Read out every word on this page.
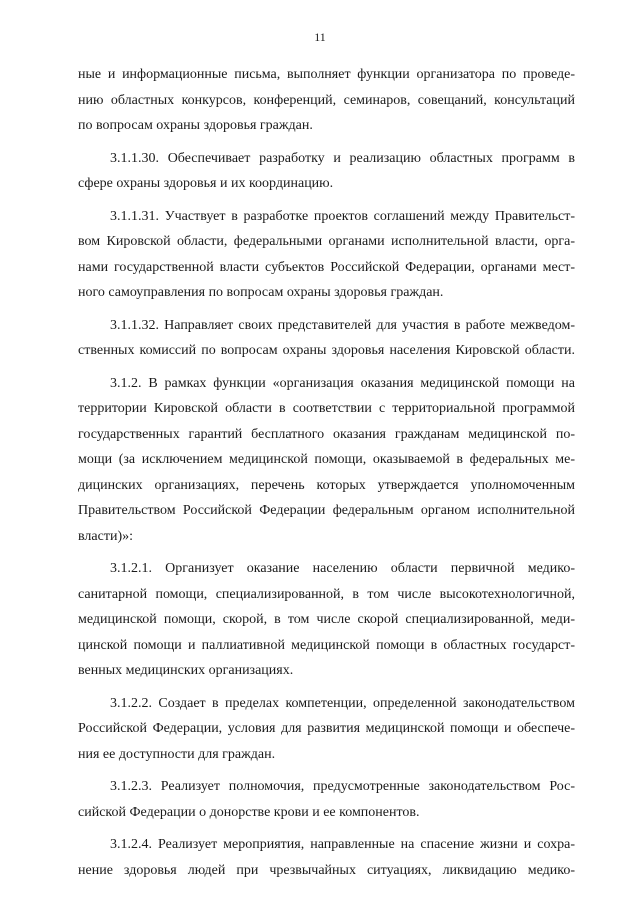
11
ные и информационные письма, выполняет функции организатора по проведе-
нию областных конкурсов, конференций, семинаров, совещаний, консультаций
по вопросам охраны здоровья граждан.
3.1.1.30. Обеспечивает разработку и реализацию областных программ в
сфере охраны здоровья и их координацию.
3.1.1.31. Участвует в разработке проектов соглашений между Правительст-
вом Кировской области, федеральными органами исполнительной власти, орга-
нами государственной власти субъектов Российской Федерации, органами мест-
ного самоуправления по вопросам охраны здоровья граждан.
3.1.1.32. Направляет своих представителей для участия в работе межведом-
ственных комиссий по вопросам охраны здоровья населения Кировской области.
3.1.2. В рамках функции «организация оказания медицинской помощи на
территории Кировской области в соответствии с территориальной программой
государственных гарантий бесплатного оказания гражданам медицинской по-
мощи (за исключением медицинской помощи, оказываемой в федеральных ме-
дицинских организациях, перечень которых утверждается уполномоченным
Правительством Российской Федерации федеральным органом исполнительной
власти)»:
3.1.2.1. Организует оказание населению области первичной медико-
санитарной помощи, специализированной, в том числе высокотехнологичной,
медицинской помощи, скорой, в том числе скорой специализированной, меди-
цинской помощи и паллиативной медицинской помощи в областных государст-
венных медицинских организациях.
3.1.2.2. Создает в пределах компетенции, определенной законодательством
Российской Федерации, условия для развития медицинской помощи и обеспече-
ния ее доступности для граждан.
3.1.2.3. Реализует полномочия, предусмотренные законодательством Рос-
сийской Федерации о донорстве крови и ее компонентов.
3.1.2.4. Реализует мероприятия, направленные на спасение жизни и сохра-
нение здоровья людей при чрезвычайных ситуациях, ликвидацию медико-
